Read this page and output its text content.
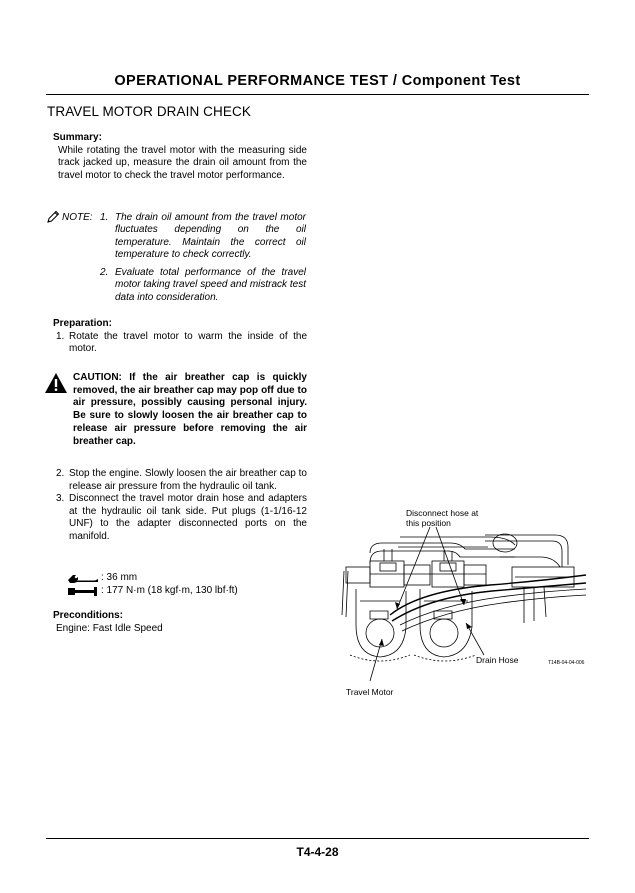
OPERATIONAL PERFORMANCE TEST / Component Test
TRAVEL MOTOR DRAIN CHECK
Summary:
While rotating the travel motor with the measuring side track jacked up, measure the drain oil amount from the travel motor to check the travel motor performance.
NOTE: 1. The drain oil amount from the travel motor fluctuates depending on the oil temperature. Maintain the correct oil temperature to check correctly.
2. Evaluate total performance of the travel motor taking travel speed and mistrack test data into consideration.
Preparation:
1. Rotate the travel motor to warm the inside of the motor.
CAUTION: If the air breather cap is quickly removed, the air breather cap may pop off due to air pressure, possibly causing personal injury. Be sure to slowly loosen the air breather cap to release air pressure before removing the air breather cap.
2. Stop the engine. Slowly loosen the air breather cap to release air pressure from the hydraulic oil tank.
3. Disconnect the travel motor drain hose and adapters at the hydraulic oil tank side. Put plugs (1-1/16-12 UNF) to the adapter disconnected ports on the manifold.
: 36 mm
: 177 N·m (18 kgf·m, 130 lbf·ft)
Preconditions:
Engine: Fast Idle Speed
Disconnect hose at
this position
Drain Hose
Travel Motor
T14B-04-04-006
T4-4-28
